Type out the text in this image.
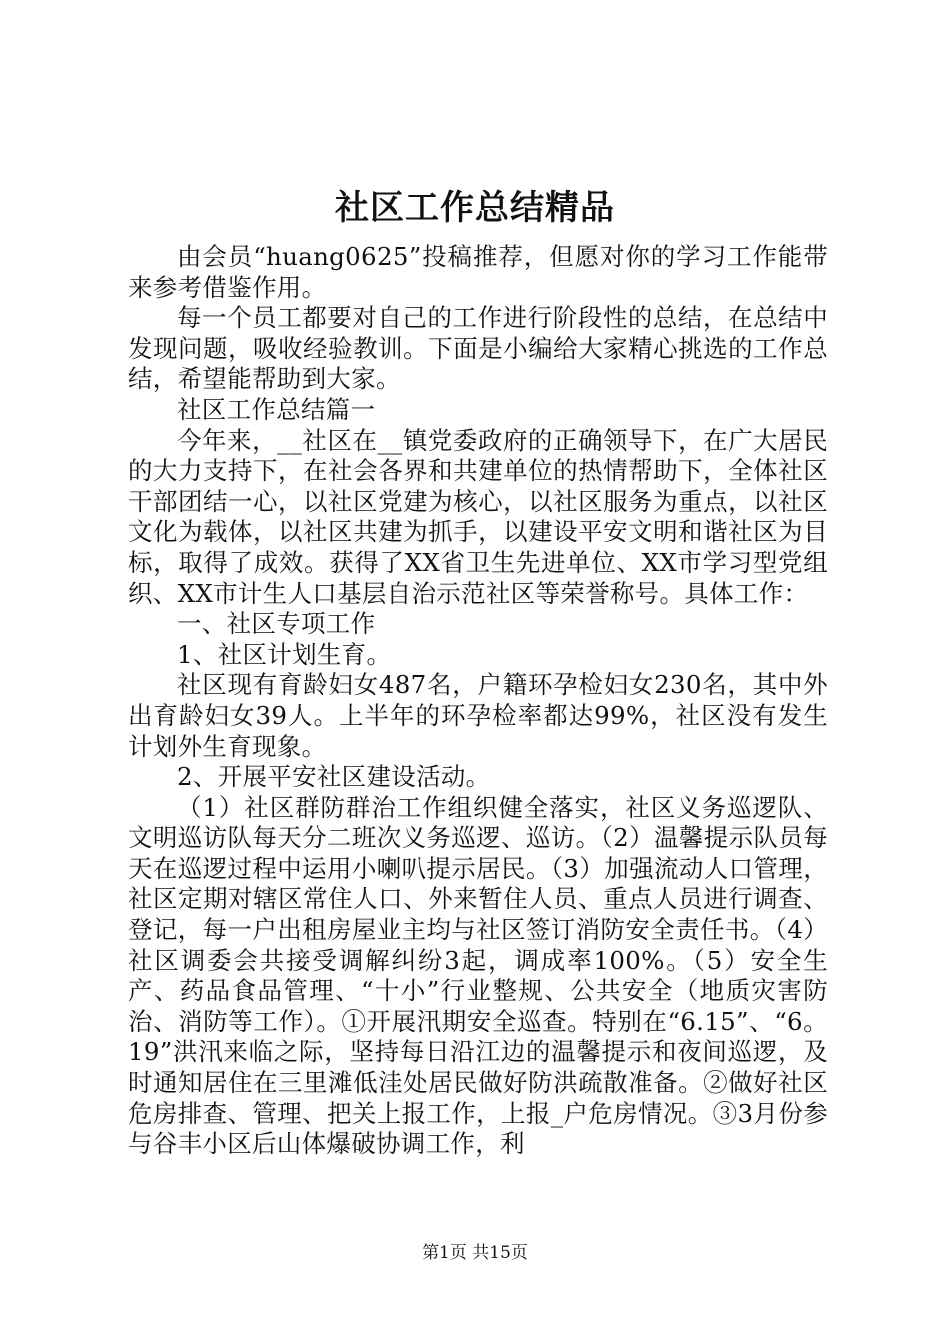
社区工作总结精品

由会员“huang0625”投稿推荐，但愿对你的学习工作能带来参考借鉴作用。

每一个员工都要对自己的工作进行阶段性的总结，在总结中发现问题，吸收经验教训。下面是小编给大家精心挑选的工作总结，希望能帮助到大家。

社区工作总结篇一

今年来，__社区在__镇党委政府的正确领导下，在广大居民的大力支持下，在社会各界和共建单位的热情帮助下，全体社区干部团结一心，以社区党建为核心，以社区服务为重点，以社区文化为载体，以社区共建为抓手，以建设平安文明和谐社区为目标，取得了成效。获得了XX省卫生先进单位、XX市学习型党组织、XX市计生人口基层自治示范社区等荣誉称号。具体工作：

一、社区专项工作

1、社区计划生育。

社区现有育龄妇女487名，户籍环孕检妇女230名，其中外出育龄妇女39人。上半年的环孕检率都达99%，社区没有发生计划外生育现象。

2、开展平安社区建设活动。

（1）社区群防群治工作组织健全落实，社区义务巡逻队、文明巡访队每天分二班次义务巡逻、巡访。（2）温馨提示队员每天在巡逻过程中运用小喇叭提示居民。（3）加强流动人口管理，社区定期对辖区常住人口、外来暂住人员、重点人员进行调查、登记，每一户出租房屋业主均与社区签订消防安全责任书。（4）社区调委会共接受调解纠纷3起，调成率100%。（5）安全生产、药品食品管理、“十小”行业整规、公共安全（地质灾害防治、消防等工作）。①开展汛期安全巡查。特别在“6.15”、“6。19”洪汛来临之际，坚持每日沿江边的温馨提示和夜间巡逻，及时通知居住在三里滩低洼处居民做好防洪疏散准备。②做好社区危房排查、管理、把关上报工作，上报_户危房情况。③3月份参与谷丰小区后山体爆破协调工作，利

第1页 共15页
